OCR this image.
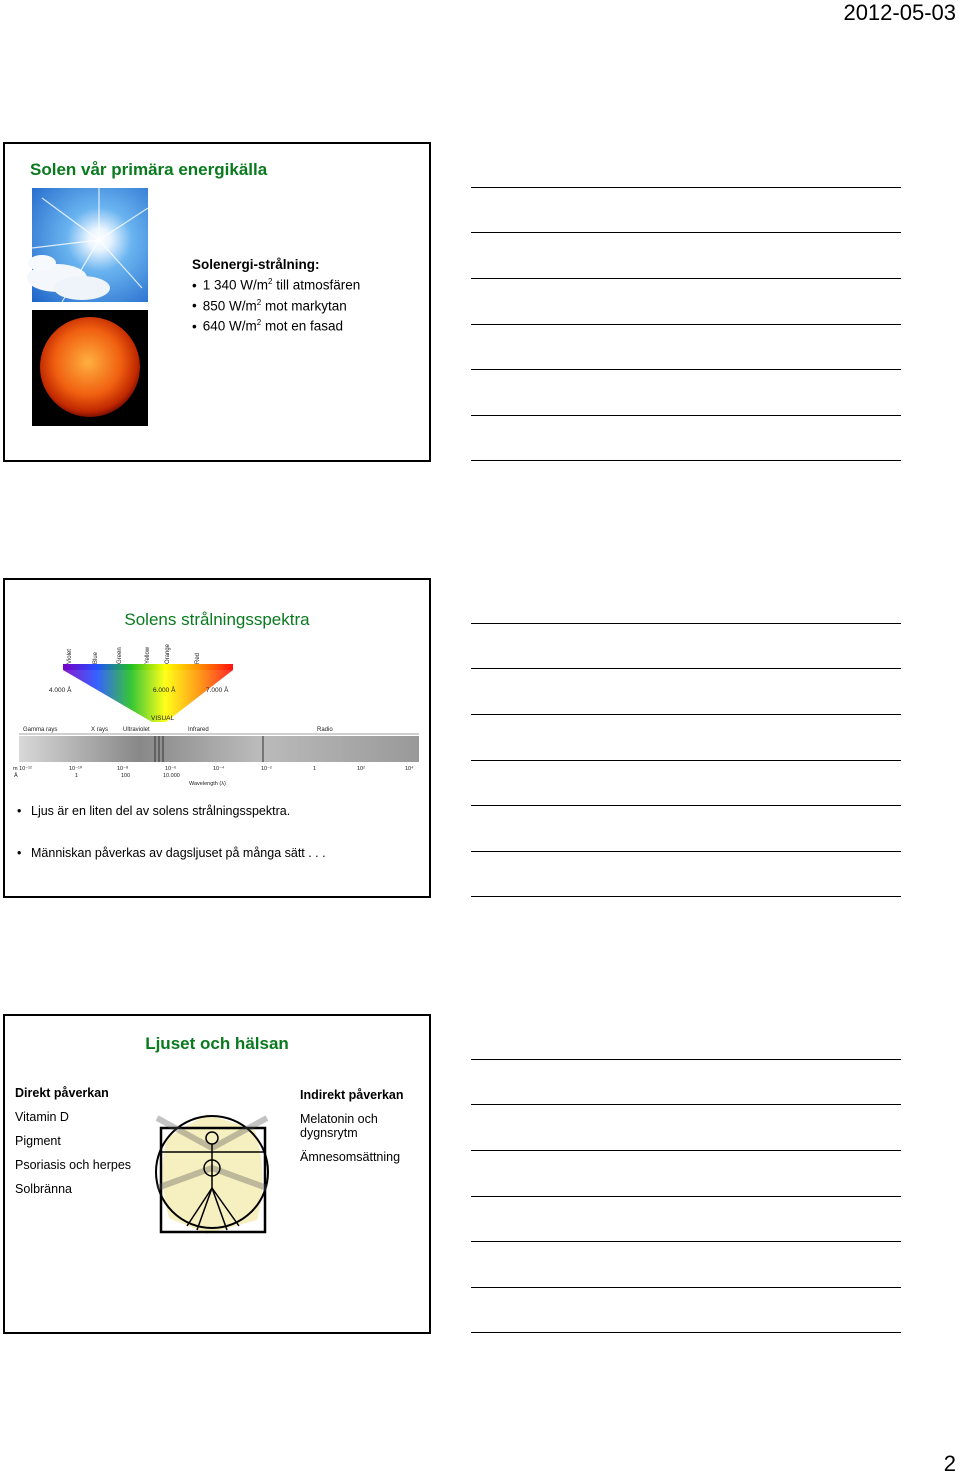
2012-05-03
Solen vår primära energikälla
Solenergi-strålning:
• 1 340 $W/m^2$ till atmosfären
• 850 $W/m^2$ mot markytan
• 640 $W/m^2$ mot en fasad
Solens strålningsspektra
Violet	Blue	Green	Yellow Orange	Red
4.000 Å	6.000 Å	7.000 Å
VISUAL
Gamma rays	X rays Ultraviolet	Infrared	Radio
m 10⁻¹²	10⁻¹⁰	10⁻⁸	10⁻⁶	10⁻⁴	10⁻²	1	10²	10⁴
Å	1	100	10.000
Wavelength (λ)
• Ljus är en liten del av solens strålningsspektra.
• Människan påverkas av dagsljuset på många sätt . . .
Ljuset och hälsan
Direkt påverkan
Vitamin D
Pigment
Psoriasis och herpes
Solbränna
Indirekt påverkan
Melatonin och dygnsrytm
Ämnesomsättning
2
